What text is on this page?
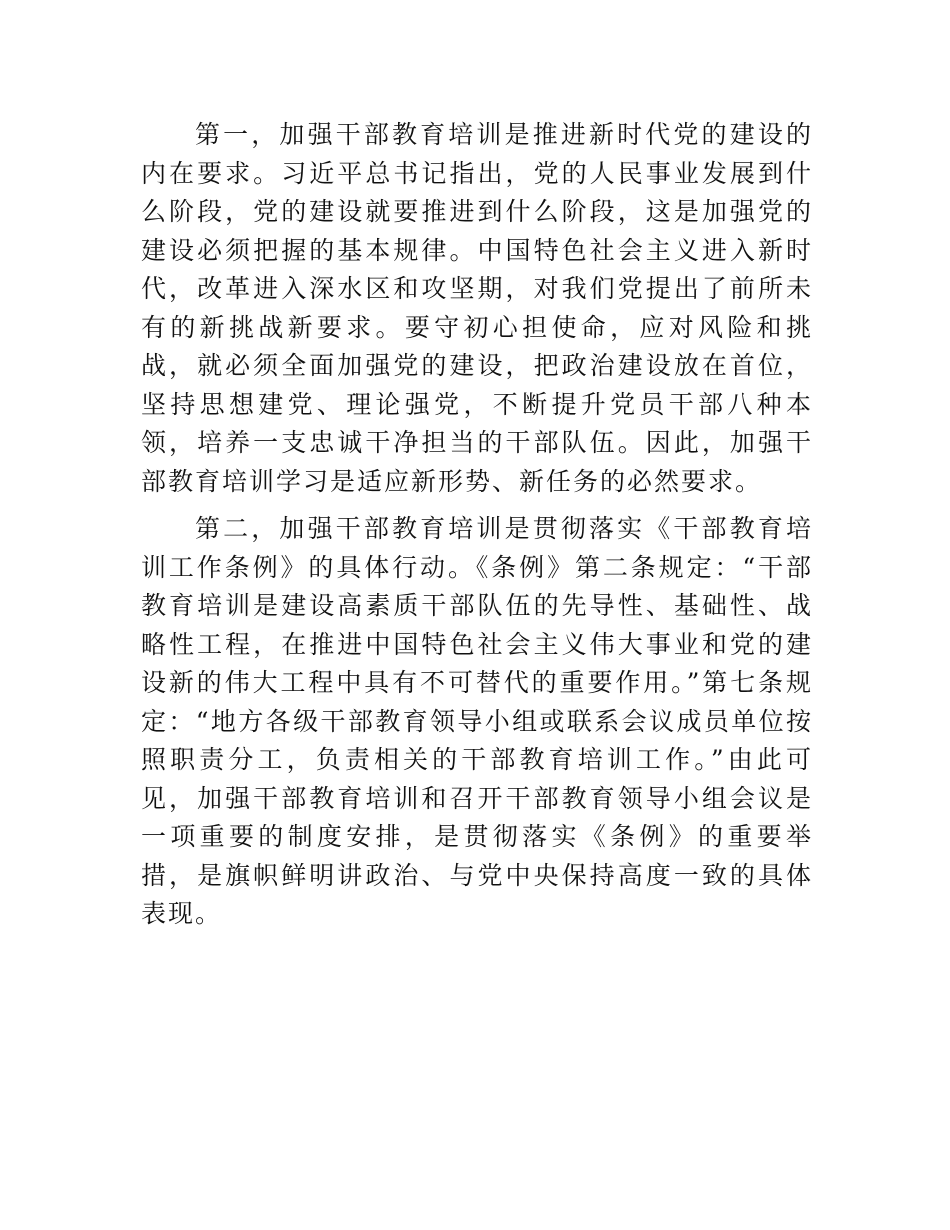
第一，加强干部教育培训是推进新时代党的建设的内在要求。习近平总书记指出，党的人民事业发展到什么阶段，党的建设就要推进到什么阶段，这是加强党的建设必须把握的基本规律。中国特色社会主义进入新时代，改革进入深水区和攻坚期，对我们党提出了前所未有的新挑战新要求。要守初心担使命，应对风险和挑战，就必须全面加强党的建设，把政治建设放在首位，坚持思想建党、理论强党，不断提升党员干部八种本领，培养一支忠诚干净担当的干部队伍。因此，加强干部教育培训学习是适应新形势、新任务的必然要求。

第二，加强干部教育培训是贯彻落实《干部教育培训工作条例》的具体行动。《条例》第二条规定：“干部教育培训是建设高素质干部队伍的先导性、基础性、战略性工程，在推进中国特色社会主义伟大事业和党的建设新的伟大工程中具有不可替代的重要作用。”第七条规定：“地方各级干部教育领导小组或联系会议成员单位按照职责分工，负责相关的干部教育培训工作。”由此可见，加强干部教育培训和召开干部教育领导小组会议是一项重要的制度安排，是贯彻落实《条例》的重要举措，是旗帜鲜明讲政治、与党中央保持高度一致的具体表现。
